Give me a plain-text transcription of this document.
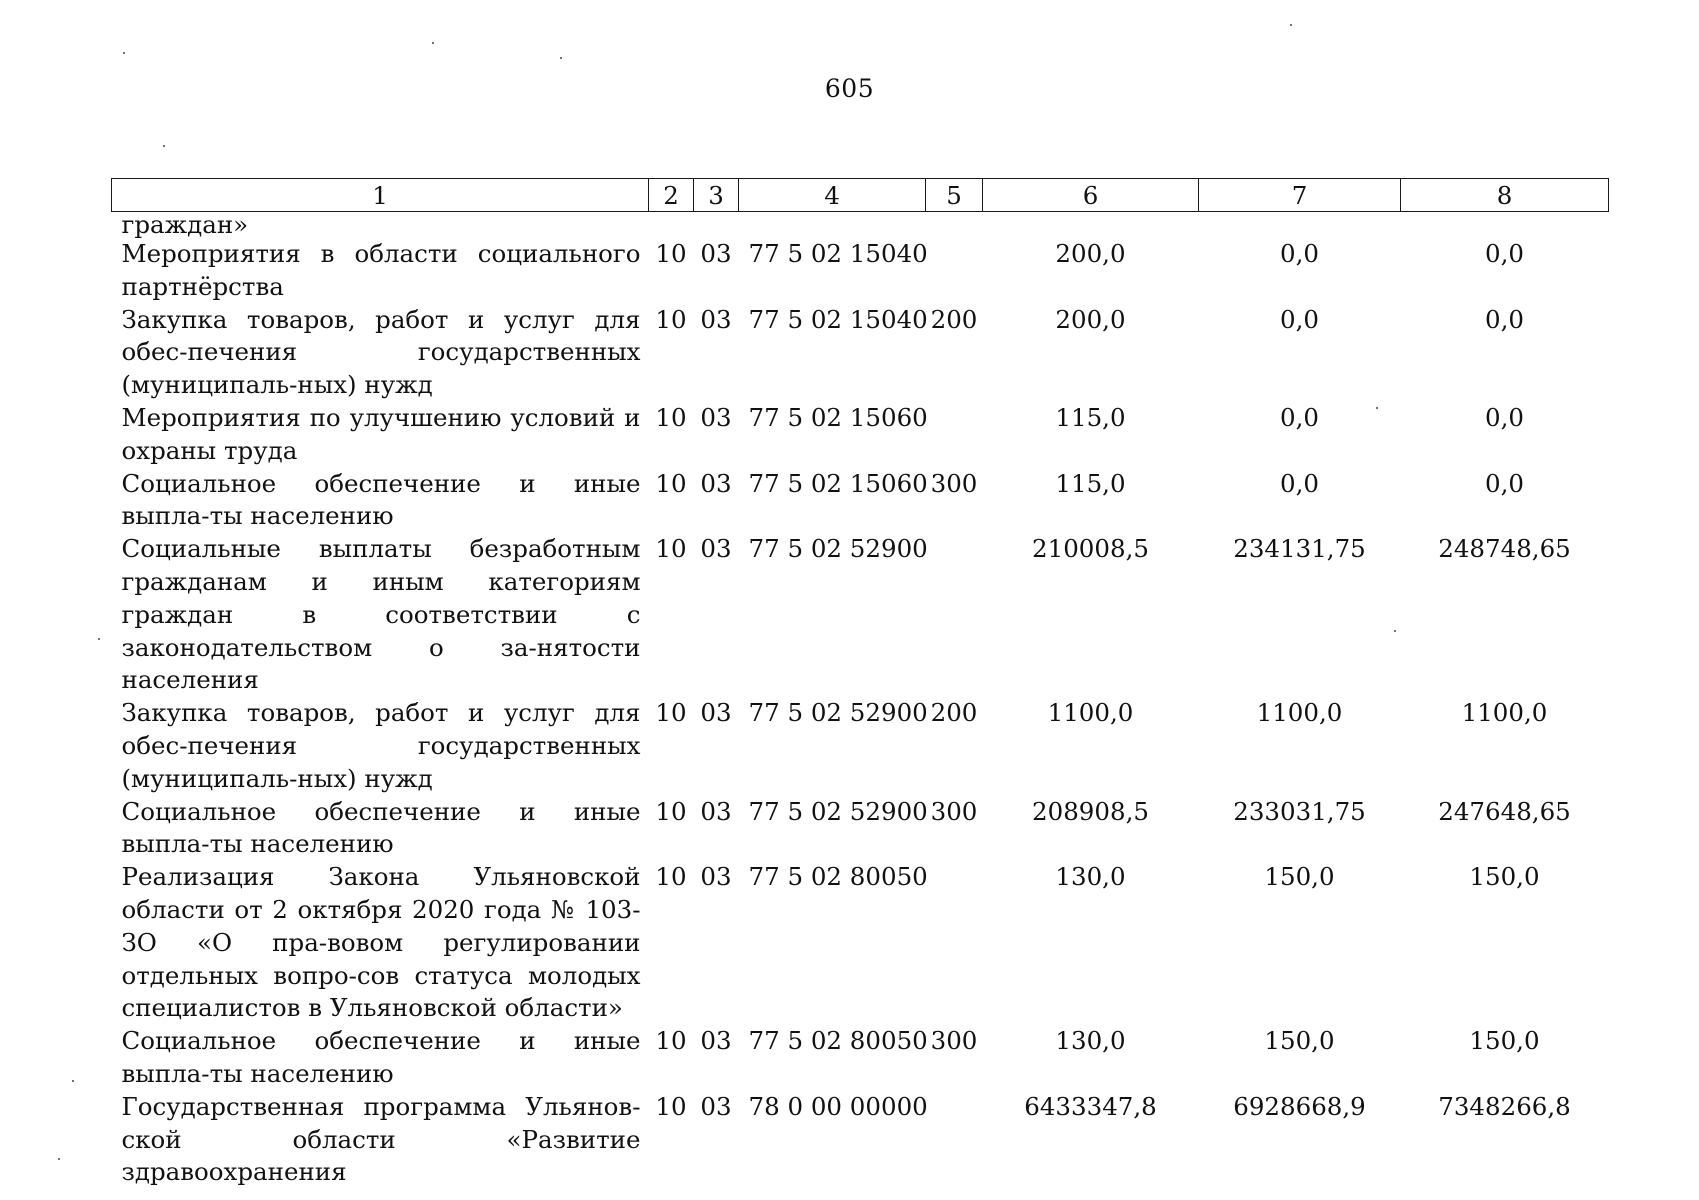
605
1	2	3	4	5	6	7	8
граждан»							
Мероприятия в области социального партнёрства	10	03	77 5 02 15040		200,0	0,0	0,0
Закупка товаров, работ и услуг для обес-печения государственных (муниципаль-ных) нужд	10	03	77 5 02 15040	200	200,0	0,0	0,0
Мероприятия по улучшению условий и охраны труда	10	03	77 5 02 15060		115,0	0,0	0,0
Социальное обеспечение и иные выпла-ты населению	10	03	77 5 02 15060	300	115,0	0,0	0,0
Социальные выплаты безработным гражданам и иным категориям граждан в соответствии с законодательством о за-нятости населения	10	03	77 5 02 52900		210008,5	234131,75	248748,65
Закупка товаров, работ и услуг для обес-печения государственных (муниципаль-ных) нужд	10	03	77 5 02 52900	200	1100,0	1100,0	1100,0
Социальное обеспечение и иные выпла-ты населению	10	03	77 5 02 52900	300	208908,5	233031,75	247648,65
Реализация Закона Ульяновской области от 2 октября 2020 года № 103-ЗО «О пра-вовом регулировании отдельных вопро-сов статуса молодых специалистов в Ульяновской области»	10	03	77 5 02 80050		130,0	150,0	150,0
Социальное обеспечение и иные выпла-ты населению	10	03	77 5 02 80050	300	130,0	150,0	150,0
Государственная программа Ульянов-ской области «Развитие здравоохранения	10	03	78 0 00 00000		6433347,8	6928668,9	7348266,8
